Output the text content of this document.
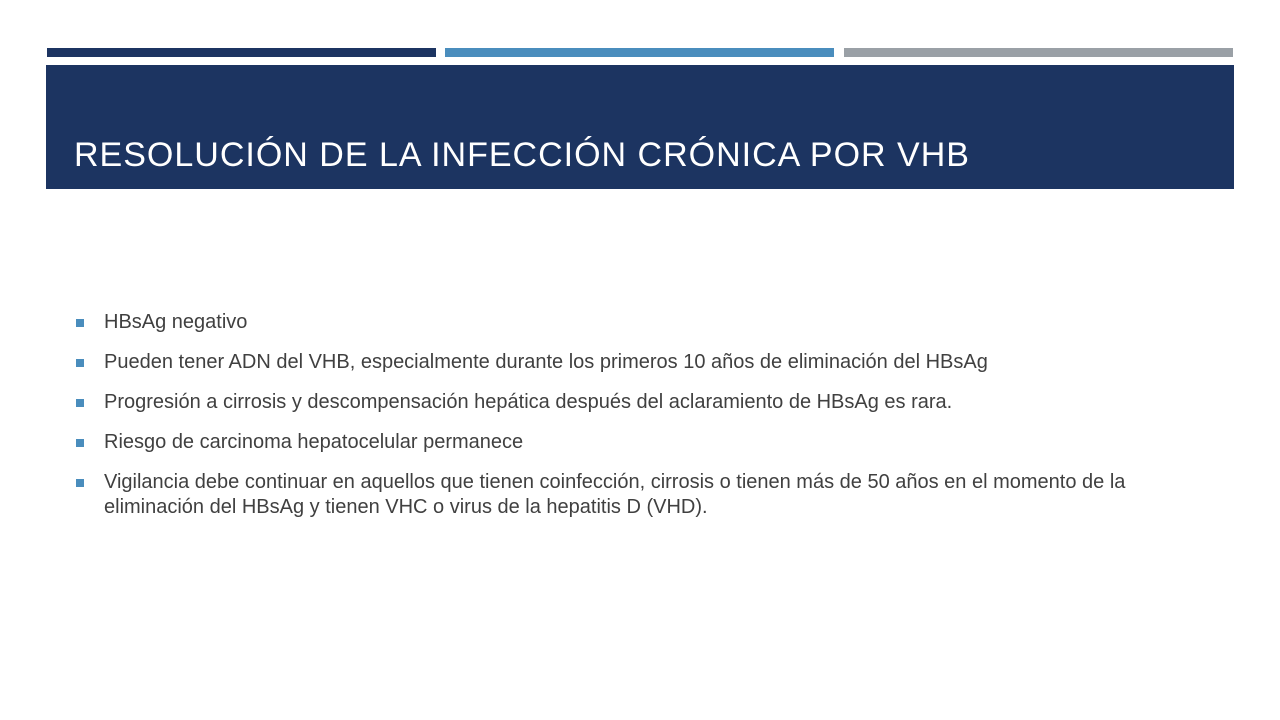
RESOLUCIÓN DE LA INFECCIÓN CRÓNICA POR VHB
HBsAg negativo
Pueden tener ADN del VHB, especialmente durante los primeros 10 años de eliminación del HBsAg
Progresión a cirrosis y descompensación hepática después del aclaramiento de HBsAg es rara.
Riesgo de carcinoma hepatocelular permanece
Vigilancia debe continuar en aquellos que tienen coinfección, cirrosis o tienen más de 50 años en el momento de la eliminación del HBsAg y tienen VHC o virus de la hepatitis D (VHD).
